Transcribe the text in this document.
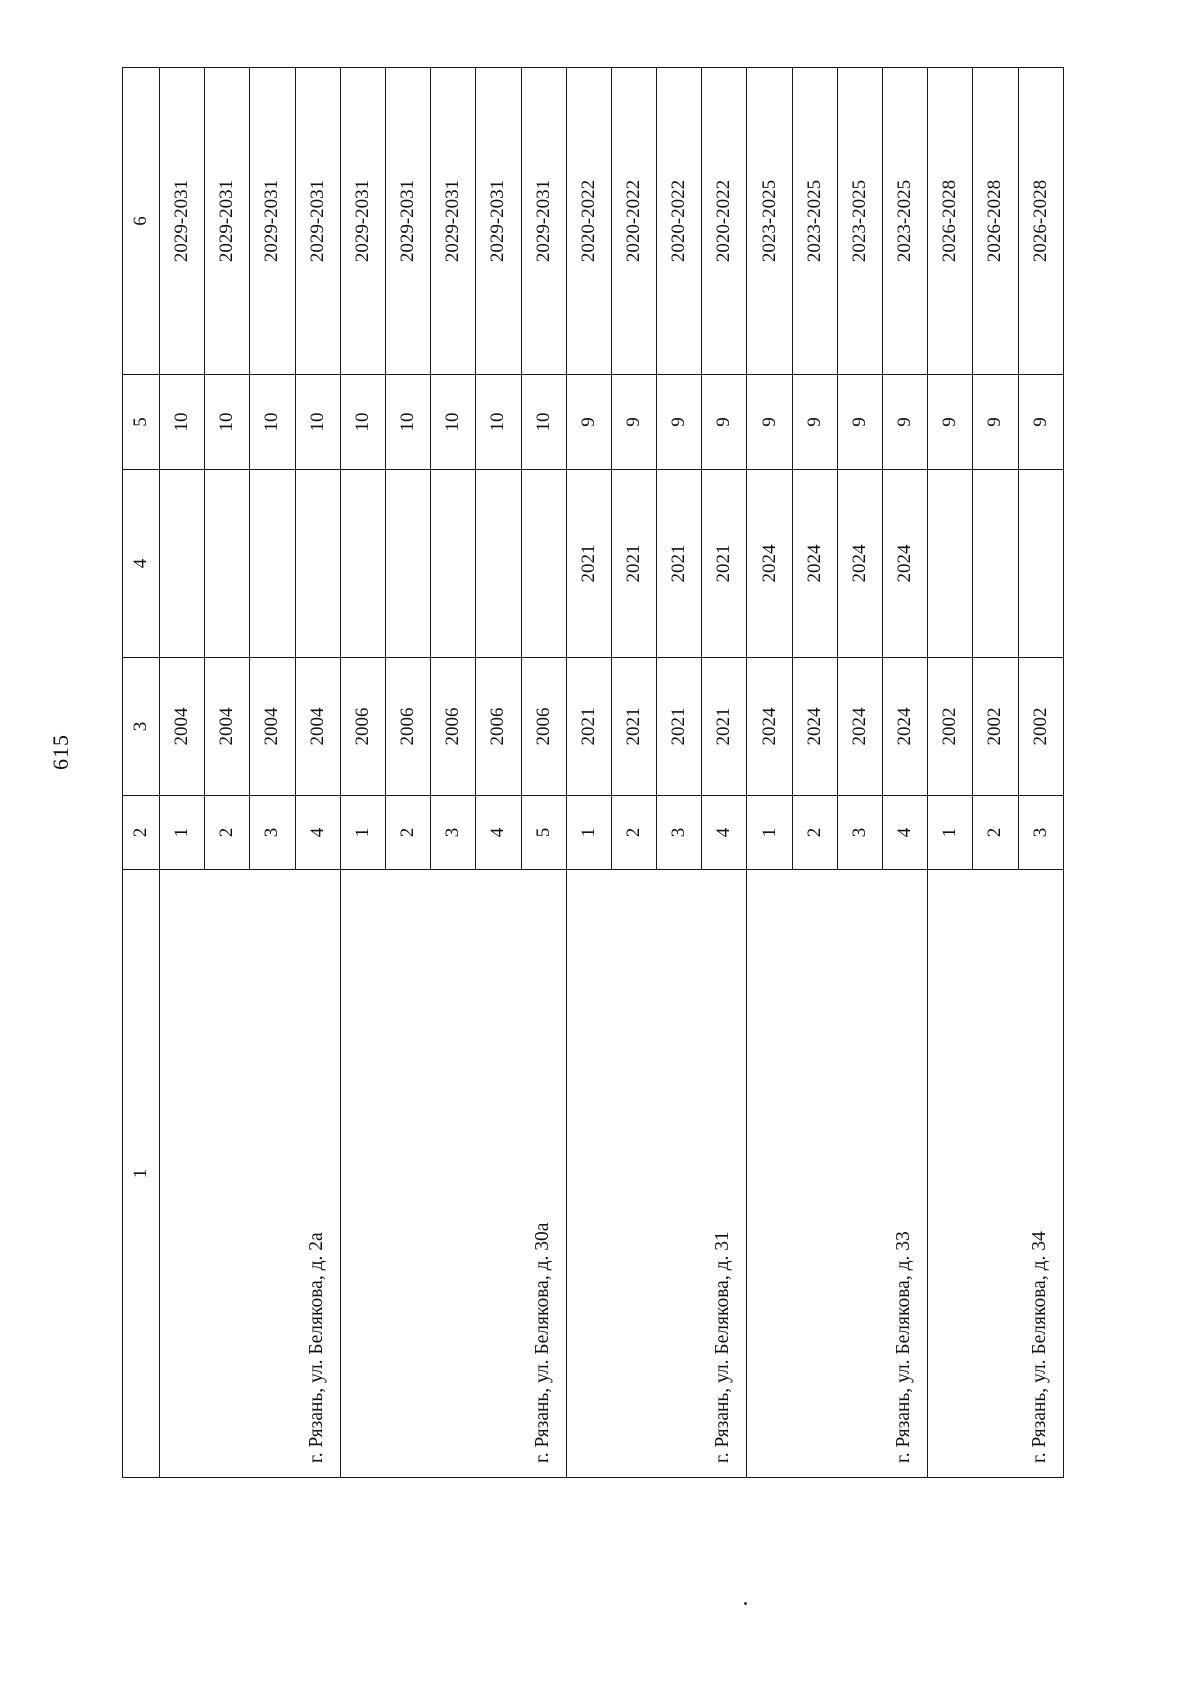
615
1	2	3	4	5	6
г. Рязань, ул. Белякова, д. 2а	1	2004		10	2029-2031
	2	2004		10	2029-2031
	3	2004		10	2029-2031
	4	2004		10	2029-2031
г. Рязань, ул. Белякова, д. 30а	1	2006		10	2029-2031
	2	2006		10	2029-2031
	3	2006		10	2029-2031
	4	2006		10	2029-2031
	5	2006		10	2029-2031
г. Рязань, ул. Белякова, д. 31	1	2021	2021	9	2020-2022
	2	2021	2021	9	2020-2022
	3	2021	2021	9	2020-2022
	4	2021	2021	9	2020-2022
г. Рязань, ул. Белякова, д. 33	1	2024	2024	9	2023-2025
	2	2024	2024	9	2023-2025
	3	2024	2024	9	2023-2025
	4	2024	2024	9	2023-2025
г. Рязань, ул. Белякова, д. 34	1	2002		9	2026-2028
	2	2002		9	2026-2028
	3	2002		9	2026-2028
